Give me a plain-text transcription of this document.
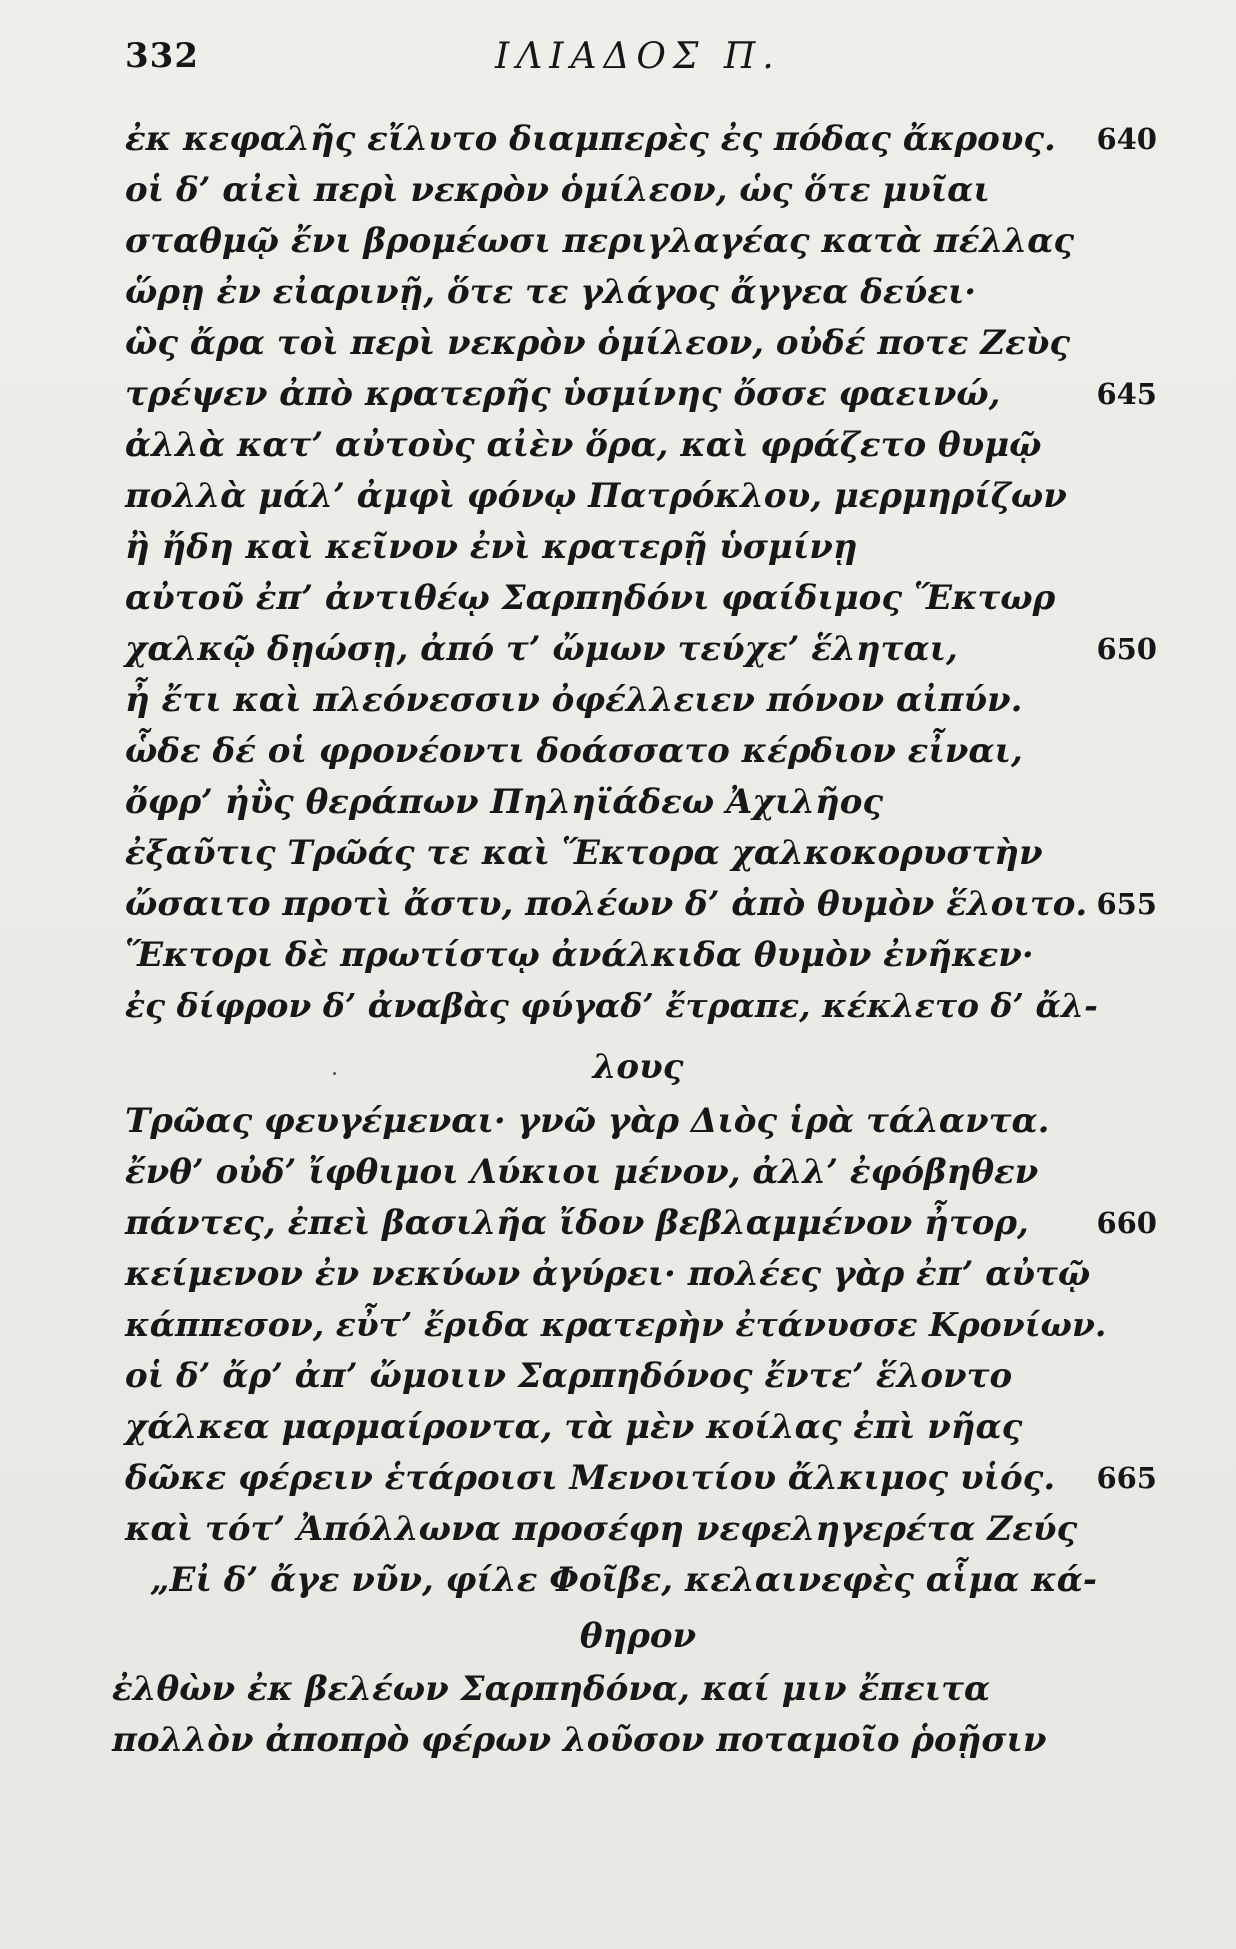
332	ΙΛΙΑΔΟΣ Π.
ἐκ κεφαλῆς εἴλυτο διαμπερὲς ἐς πόδας ἄκρους.
οἱ δ’ αἰεὶ περὶ νεκρὸν ὁμίλεον, ὡς ὅτε μυῖαι
σταθμῷ ἔνι βρομέωσι περιγλαγέας κατὰ πέλλας
ὥρῃ ἐν εἰαρινῇ, ὅτε τε γλάγος ἄγγεα δεύει·
ὣς ἄρα τοὶ περὶ νεκρὸν ὁμίλεον, οὐδέ ποτε Ζεὺς
τρέψεν ἀπὸ κρατερῆς ὑσμίνης ὄσσε φαεινώ,
ἀλλὰ κατ’ αὐτοὺς αἰὲν ὅρα, καὶ φράζετο θυμῷ
πολλὰ μάλ’ ἀμφὶ φόνῳ Πατρόκλου, μερμηρίζων
ἢ ἤδη καὶ κεῖνον ἐνὶ κρατερῇ ὑσμίνῃ
αὐτοῦ ἐπ’ ἀντιθέῳ Σαρπηδόνι φαίδιμος Ἕκτωρ
χαλκῷ δῃώσῃ, ἀπό τ’ ὤμων τεύχε’ ἕληται,
ἦ ἔτι καὶ πλεόνεσσιν ὀφέλλειεν πόνον αἰπύν.
ὧδε δέ οἱ φρονέοντι δοάσσατο κέρδιον εἶναι,
ὄφρ’ ἠῢς θεράπων Πηληϊάδεω Ἀχιλῆος
ἐξαῦτις Τρῶάς τε καὶ Ἕκτορα χαλκοκορυστὴν
ὤσαιτο προτὶ ἄστυ, πολέων δ’ ἀπὸ θυμὸν ἕλοιτο.
Ἕκτορι δὲ πρωτίστῳ ἀνάλκιδα θυμὸν ἐνῆκεν·
ἐς δίφρον δ’ ἀναβὰς φύγαδ’ ἔτραπε, κέκλετο δ’ ἄλ-
λους
Τρῶας φευγέμεναι· γνῶ γὰρ Διὸς ἱρὰ τάλαντα.
ἔνθ’ οὐδ’ ἴφθιμοι Λύκιοι μένον, ἀλλ’ ἐφόβηθεν
πάντες, ἐπεὶ βασιλῆα ἴδον βεβλαμμένον ἦτορ,
κείμενον ἐν νεκύων ἀγύρει· πολέες γὰρ ἐπ’ αὐτῷ
κάππεσον, εὖτ’ ἔριδα κρατερὴν ἐτάνυσσε Κρονίων.
οἱ δ’ ἄρ’ ἀπ’ ὤμοιιν Σαρπηδόνος ἔντε’ ἕλοντο
χάλκεα μαρμαίροντα, τὰ μὲν κοίλας ἐπὶ νῆας
δῶκε φέρειν ἑτάροισι Μενοιτίου ἄλκιμος υἱός.
καὶ τότ’ Ἀπόλλωνα προσέφη νεφεληγερέτα Ζεύς
„Εἰ δ’ ἄγε νῦν, φίλε Φοῖβε, κελαινεφὲς αἷμα κά-
θηρον
ἐλθὼν ἐκ βελέων Σαρπηδόνα, καί μιν ἔπειτα
πολλὸν ἀποπρὸ φέρων λοῦσον ποταμοῖο ῥοῇσιν
640
645
650
655
660
665
